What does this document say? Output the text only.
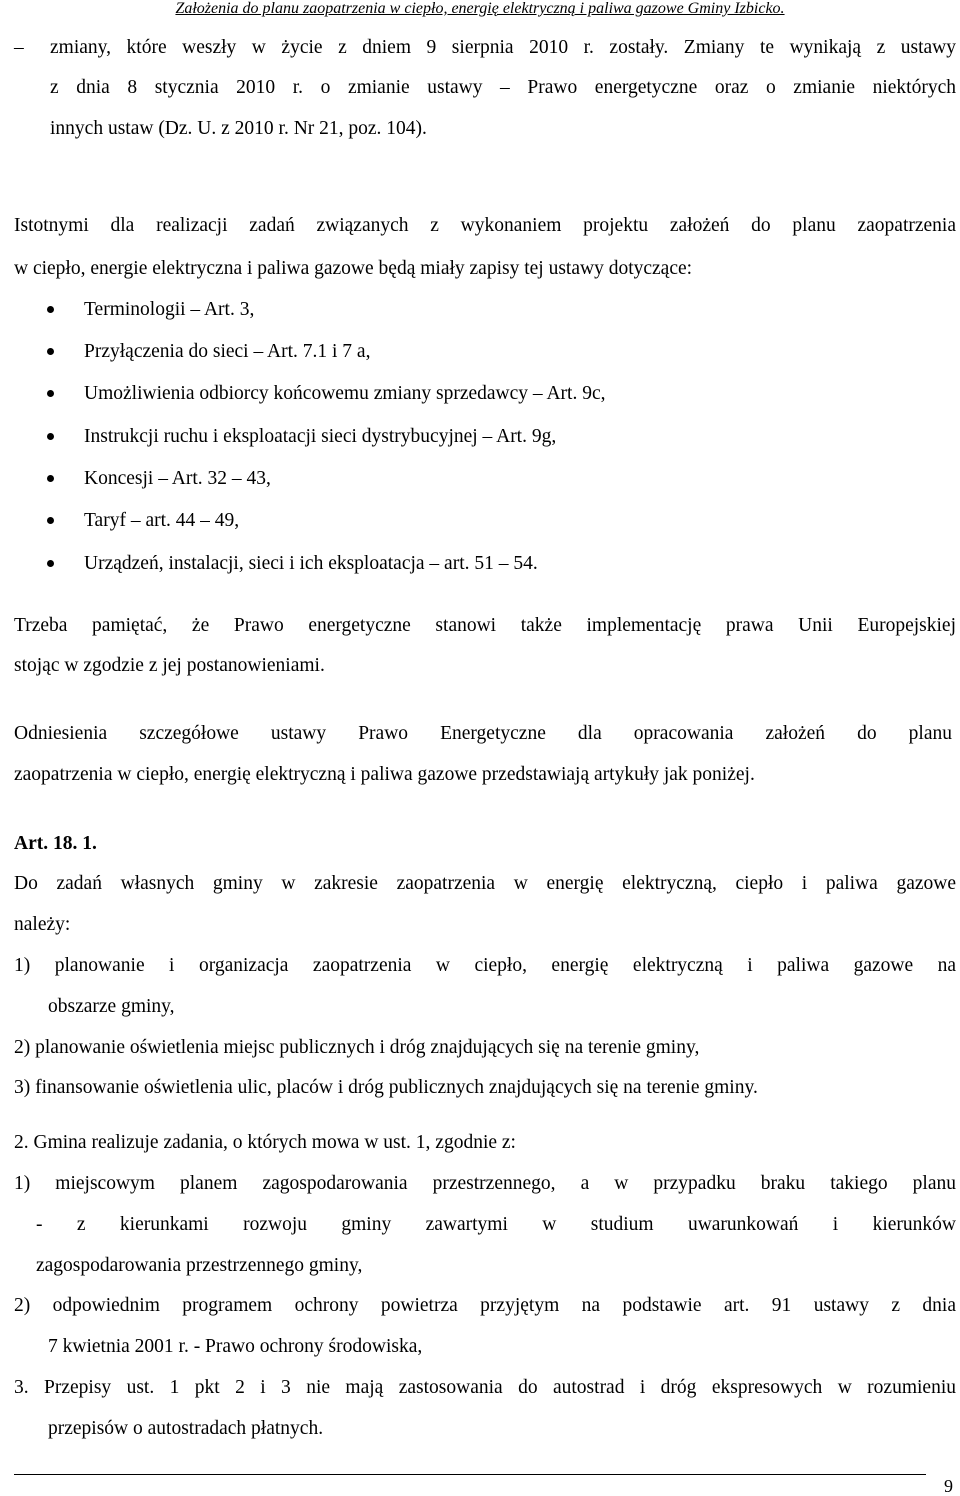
Założenia do planu zaopatrzenia w ciepło, energię elektryczną i paliwa gazowe Gminy Izbicko.
– zmiany, które weszły w życie z dniem 9 sierpnia 2010 r. zostały. Zmiany te wynikają z ustawy
z dnia 8 stycznia 2010 r. o zmianie ustawy – Prawo energetyczne oraz o zmianie niektórych
innych ustaw (Dz. U. z 2010 r. Nr 21, poz. 104).
Istotnymi dla realizacji zadań związanych z wykonaniem projektu założeń do planu zaopatrzenia
w ciepło, energie elektryczna i paliwa gazowe będą miały zapisy tej ustawy dotyczące:
Terminologii – Art. 3,
Przyłączenia do sieci – Art. 7.1 i 7 a,
Umożliwienia odbiorcy końcowemu zmiany sprzedawcy – Art. 9c,
Instrukcji ruchu i eksploatacji sieci dystrybucyjnej – Art. 9g,
Koncesji – Art. 32 – 43,
Taryf – art. 44 – 49,
Urządzeń, instalacji, sieci i ich eksploatacja – art. 51 – 54.
Trzeba pamiętać, że Prawo energetyczne stanowi także implementację prawa Unii Europejskiej
stojąc w zgodzie z jej postanowieniami.
Odniesienia szczegółowe ustawy Prawo Energetyczne dla opracowania założeń do planu
zaopatrzenia w ciepło, energię elektryczną i paliwa gazowe przedstawiają artykuły jak poniżej.
Art. 18. 1.
Do zadań własnych gminy w zakresie zaopatrzenia w energię elektryczną, ciepło i paliwa gazowe
należy:
1) planowanie i organizacja zaopatrzenia w ciepło, energię elektryczną i paliwa gazowe na
obszarze gminy,
2) planowanie oświetlenia miejsc publicznych i dróg znajdujących się na terenie gminy,
3) finansowanie oświetlenia ulic, placów i dróg publicznych znajdujących się na terenie gminy.
2. Gmina realizuje zadania, o których mowa w ust. 1, zgodnie z:
1) miejscowym planem zagospodarowania przestrzennego, a w przypadku braku takiego planu
- z kierunkami rozwoju gminy zawartymi w studium uwarunkowań i kierunków
zagospodarowania przestrzennego gminy,
2) odpowiednim programem ochrony powietrza przyjętym na podstawie art. 91 ustawy z dnia
7 kwietnia 2001 r. - Prawo ochrony środowiska,
3. Przepisy ust. 1 pkt 2 i 3 nie mają zastosowania do autostrad i dróg ekspresowych w rozumieniu
przepisów o autostradach płatnych.
9
